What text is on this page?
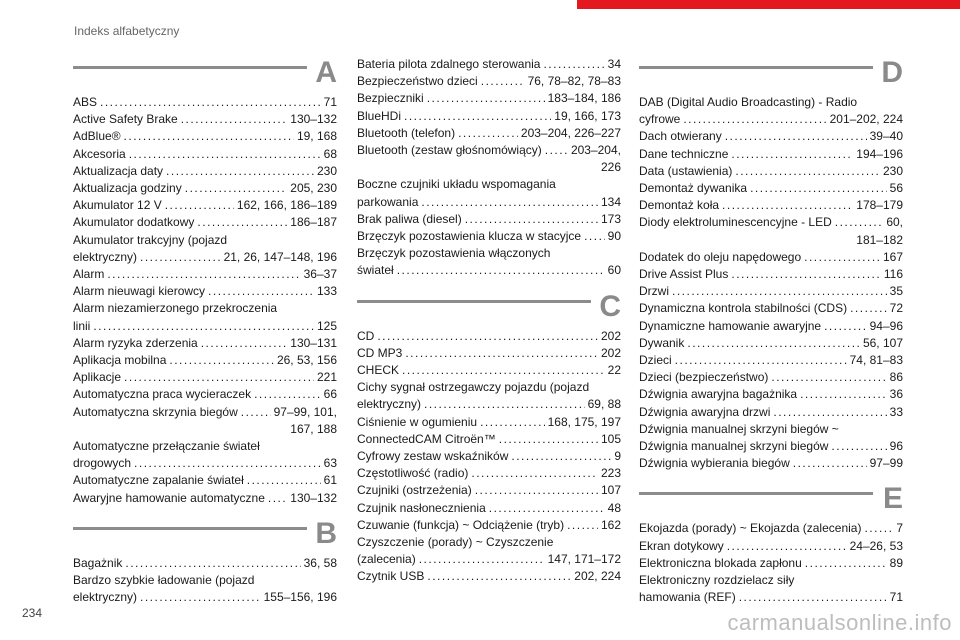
Indeks alfabetyczny
A
ABS .....	71
Active Safety Brake .....	130–132
AdBlue® .....	19, 168
Akcesoria .....	68
Aktualizacja daty .....	230
Aktualizacja godziny .....	205, 230
Akumulator 12 V .....	162, 166, 186–189
Akumulator dodatkowy .....	186–187
Akumulator trakcyjny (pojazd
elektryczny) .....	21, 26, 147–148, 196
Alarm .....	36–37
Alarm nieuwagi kierowcy .....	133
Alarm niezamierzonego przekroczenia
linii .....	125
Alarm ryzyka zderzenia .....	130–131
Aplikacja mobilna .....	26, 53, 156
Aplikacje .....	221
Automatyczna praca wycieraczek .....	66
Automatyczna skrzynia biegów .....	97–99, 101,
167, 188
Automatyczne przełączanie świateł
drogowych .....	63
Automatyczne zapalanie świateł .....	61
Awaryjne hamowanie automatyczne ..... 130–132
B
Bagażnik .....	36, 58
Bardzo szybkie ładowanie (pojazd
elektryczny) .....	155–156, 196
Bateria pilota zdalnego sterowania .....	34
Bezpieczeństwo dzieci .....	76, 78–82, 78–83
Bezpieczniki .....	183–184, 186
BlueHDi .....	19, 166, 173
Bluetooth (telefon) .....	203–204, 226–227
Bluetooth (zestaw głośnomówiący) ..... 203–204,
226
Boczne czujniki układu wspomagania
parkowania .....	134
Brak paliwa (diesel) .....	173
Brzęczyk pozostawienia klucza w stacyjce ..... 90
Brzęczyk pozostawienia włączonych
świateł .....	60
C
CD .....	202
CD MP3 .....	202
CHECK .....	22
Cichy sygnał ostrzegawczy pojazdu (pojazd
elektryczny) .....	69, 88
Ciśnienie w ogumieniu .....	168, 175, 197
ConnectedCAM Citroën™ .....	105
Cyfrowy zestaw wskaźników .....	9
Częstotliwość (radio) .....	223
Czujniki (ostrzeżenia) .....	107
Czujnik nasłonecznienia .....	48
Czuwanie (funkcja) ~ Odciążenie (tryb) .....	162
Czyszczenie (porady) ~ Czyszczenie
(zalecenia) .....	147, 171–172
Czytnik USB .....	202, 224
D
DAB (Digital Audio Broadcasting) - Radio
cyfrowe .....	201–202, 224
Dach otwierany .....	39–40
Dane techniczne .....	194–196
Data (ustawienia) .....	230
Demontaż dywanika .....	56
Demontaż koła .....	178–179
Diody elektroluminescencyjne - LED .....	60,
181–182
Dodatek do oleju napędowego .....	167
Drive Assist Plus .....	116
Drzwi .....	35
Dynamiczna kontrola stabilności (CDS) .....	72
Dynamiczne hamowanie awaryjne .....	94–96
Dywanik .....	56, 107
Dzieci .....	74, 81–83
Dzieci (bezpieczeństwo) .....	86
Dźwignia awaryjna bagażnika .....	36
Dźwignia awaryjna drzwi .....	33
Dźwignia manualnej skrzyni biegów ~
Dźwignia manualnej skrzyni biegów .....	96
Dźwignia wybierania biegów .....	97–99
E
Ekojazda (porady) ~ Ekojazda (zalecenia) .....	7
Ekran dotykowy .....	24–26, 53
Elektroniczna blokada zapłonu .....	89
Elektroniczny rozdzielacz siły
hamowania (REF) .....	71
234	carmanualsonline.info
